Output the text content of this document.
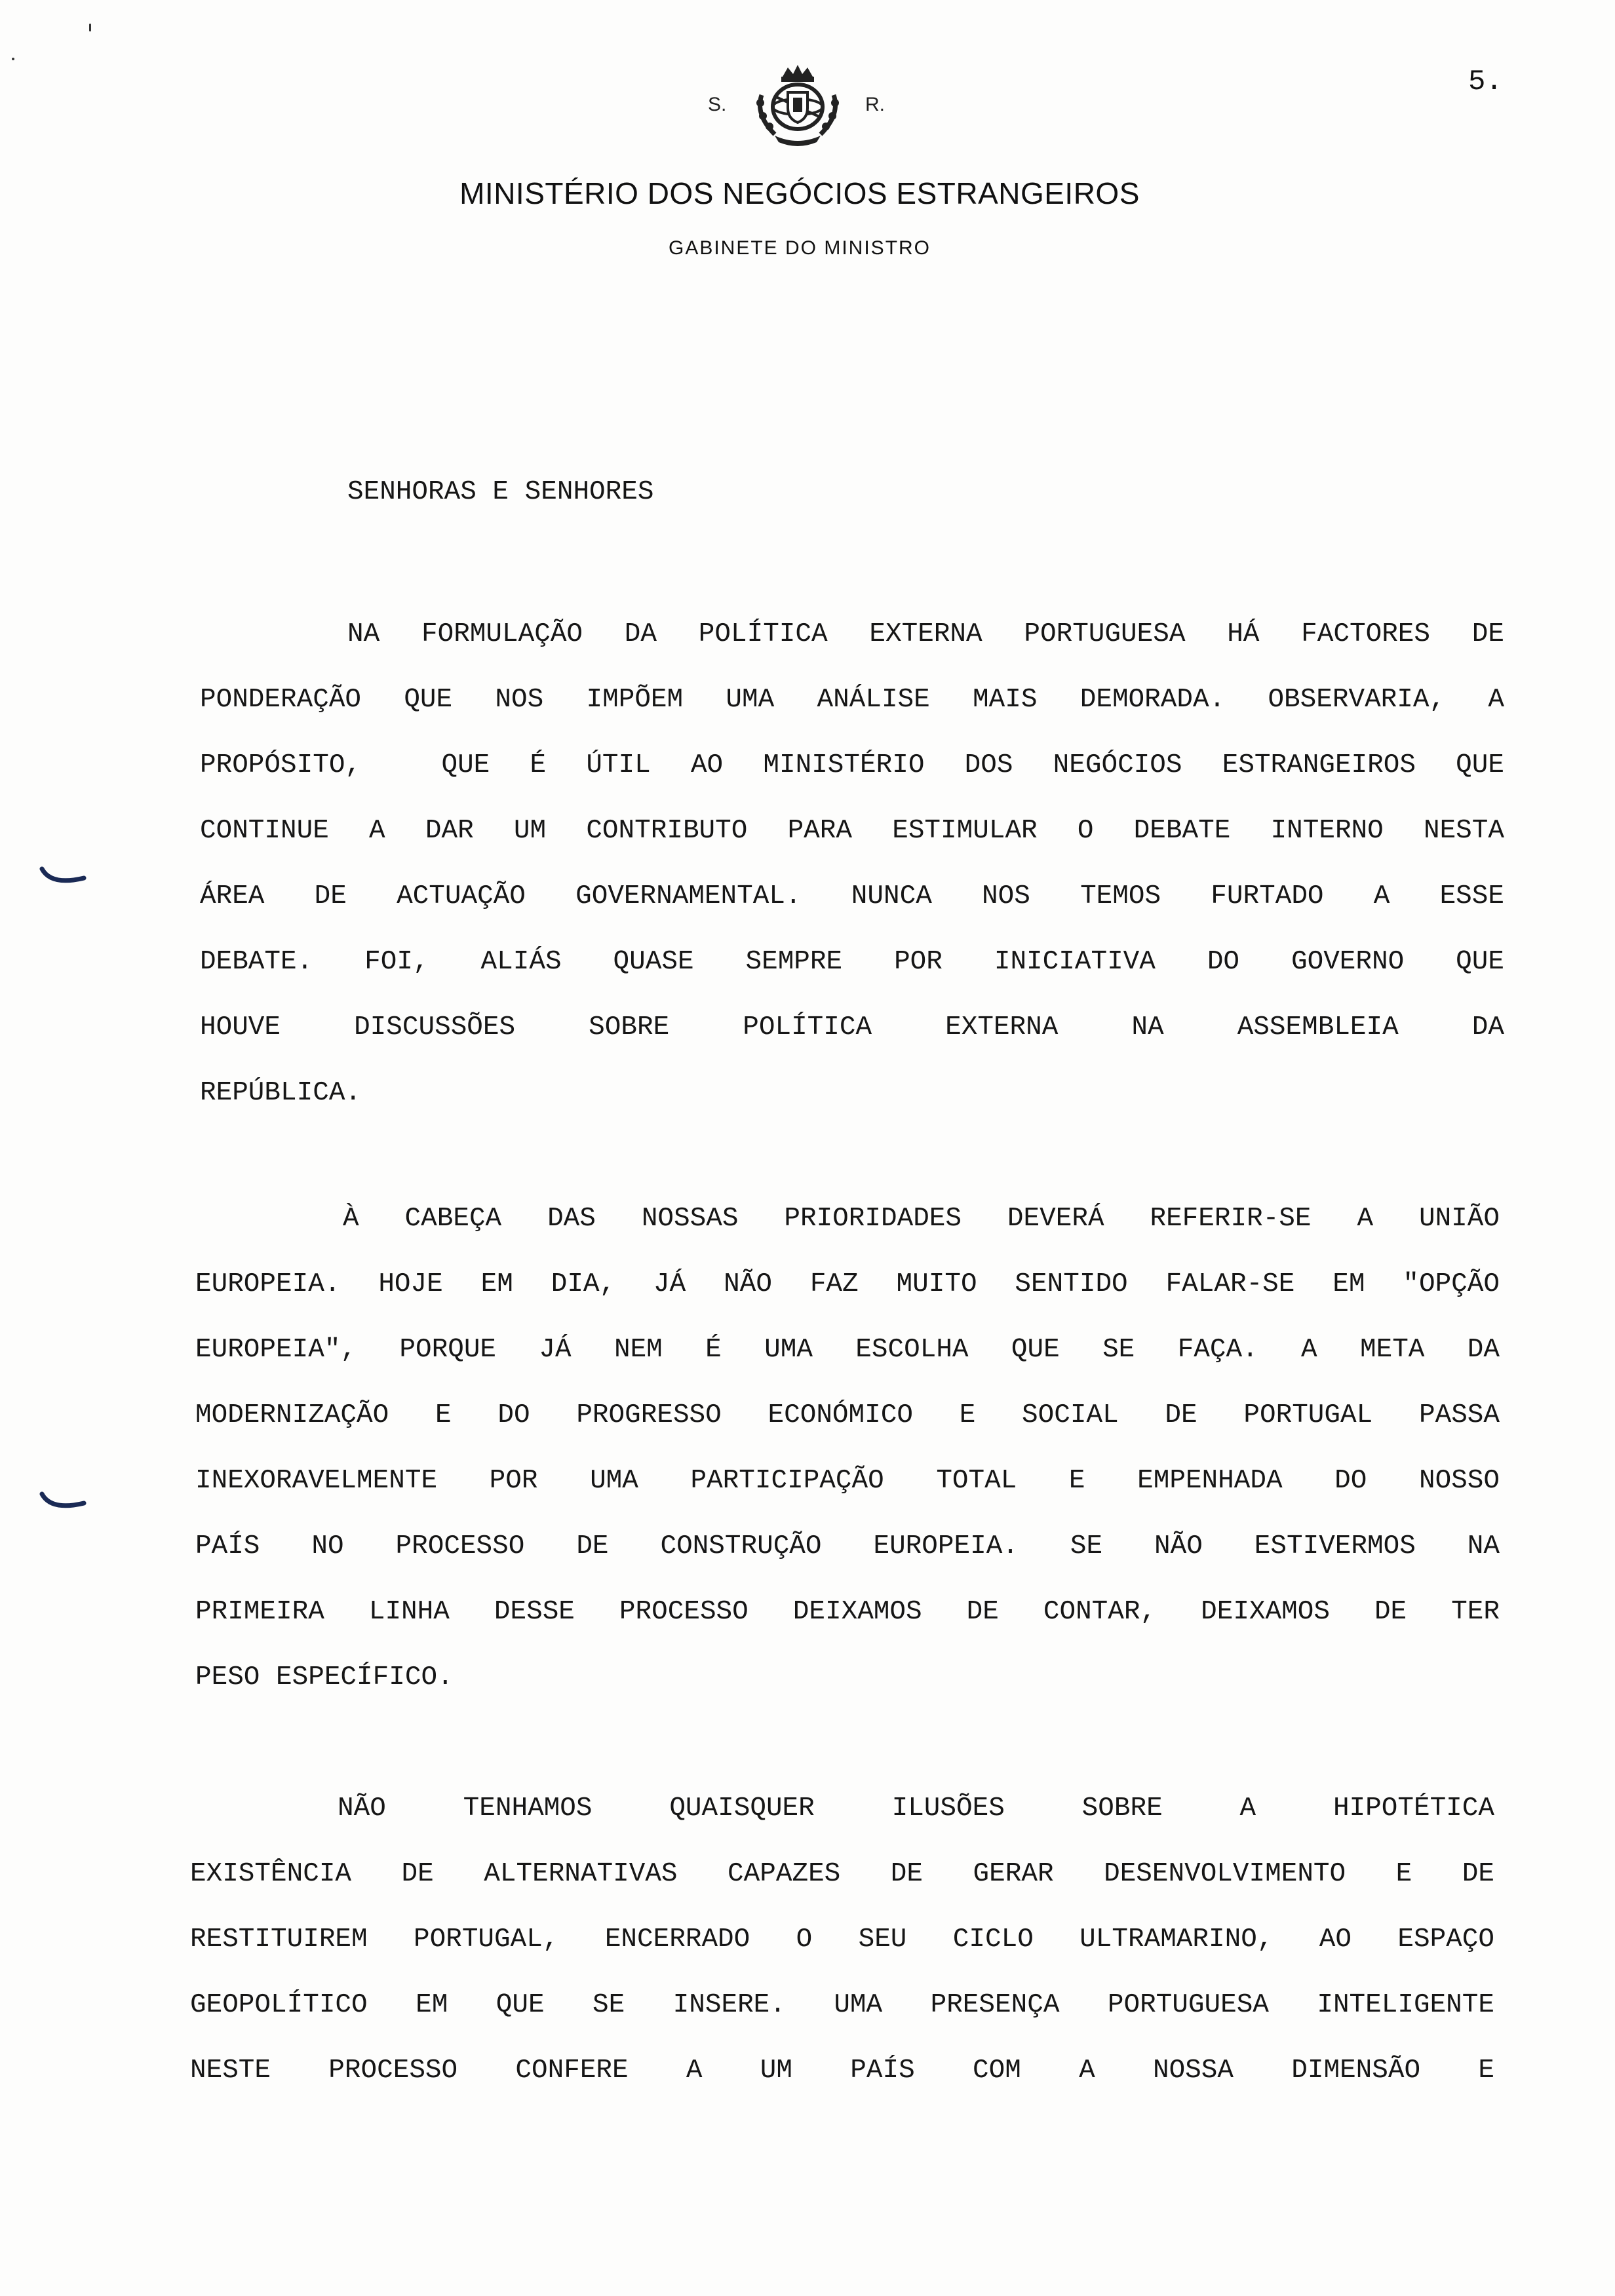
S.	R.
5.
MINISTÉRIO DOS NEGÓCIOS ESTRANGEIROS
GABINETE DO MINISTRO
SENHORAS E SENHORES
NA FORMULAÇÃO DA POLÍTICA EXTERNA PORTUGUESA HÁ FACTORES DE
PONDERAÇÃO QUE NOS IMPÕEM UMA ANÁLISE MAIS DEMORADA. OBSERVARIA, A
PROPÓSITO,  QUE É ÚTIL AO MINISTÉRIO DOS NEGÓCIOS ESTRANGEIROS QUE
CONTINUE A DAR UM CONTRIBUTO PARA ESTIMULAR O DEBATE INTERNO NESTA
ÁREA DE ACTUAÇÃO GOVERNAMENTAL. NUNCA NOS TEMOS FURTADO A ESSE
DEBATE. FOI, ALIÁS QUASE SEMPRE POR INICIATIVA DO GOVERNO QUE
HOUVE DISCUSSÕES SOBRE POLÍTICA EXTERNA NA ASSEMBLEIA DA
REPÚBLICA.
À CABEÇA DAS NOSSAS PRIORIDADES DEVERÁ REFERIR-SE A UNIÃO
EUROPEIA. HOJE EM DIA, JÁ NÃO FAZ MUITO SENTIDO FALAR-SE EM "OPÇÃO
EUROPEIA", PORQUE JÁ NEM É UMA ESCOLHA QUE SE FAÇA. A META DA
MODERNIZAÇÃO E DO PROGRESSO ECONÓMICO E SOCIAL DE PORTUGAL PASSA
INEXORAVELMENTE POR UMA PARTICIPAÇÃO TOTAL E EMPENHADA DO NOSSO
PAÍS NO PROCESSO DE CONSTRUÇÃO EUROPEIA. SE NÃO ESTIVERMOS NA
PRIMEIRA LINHA DESSE PROCESSO DEIXAMOS DE CONTAR, DEIXAMOS DE TER
PESO ESPECÍFICO.
NÃO TENHAMOS QUAISQUER ILUSÕES SOBRE A HIPOTÉTICA
EXISTÊNCIA DE ALTERNATIVAS CAPAZES DE GERAR DESENVOLVIMENTO E DE
RESTITUIREM PORTUGAL, ENCERRADO O SEU CICLO ULTRAMARINO, AO ESPAÇO
GEOPOLÍTICO EM QUE SE INSERE. UMA PRESENÇA PORTUGUESA INTELIGENTE
NESTE PROCESSO CONFERE A UM PAÍS COM A NOSSA DIMENSÃO E
